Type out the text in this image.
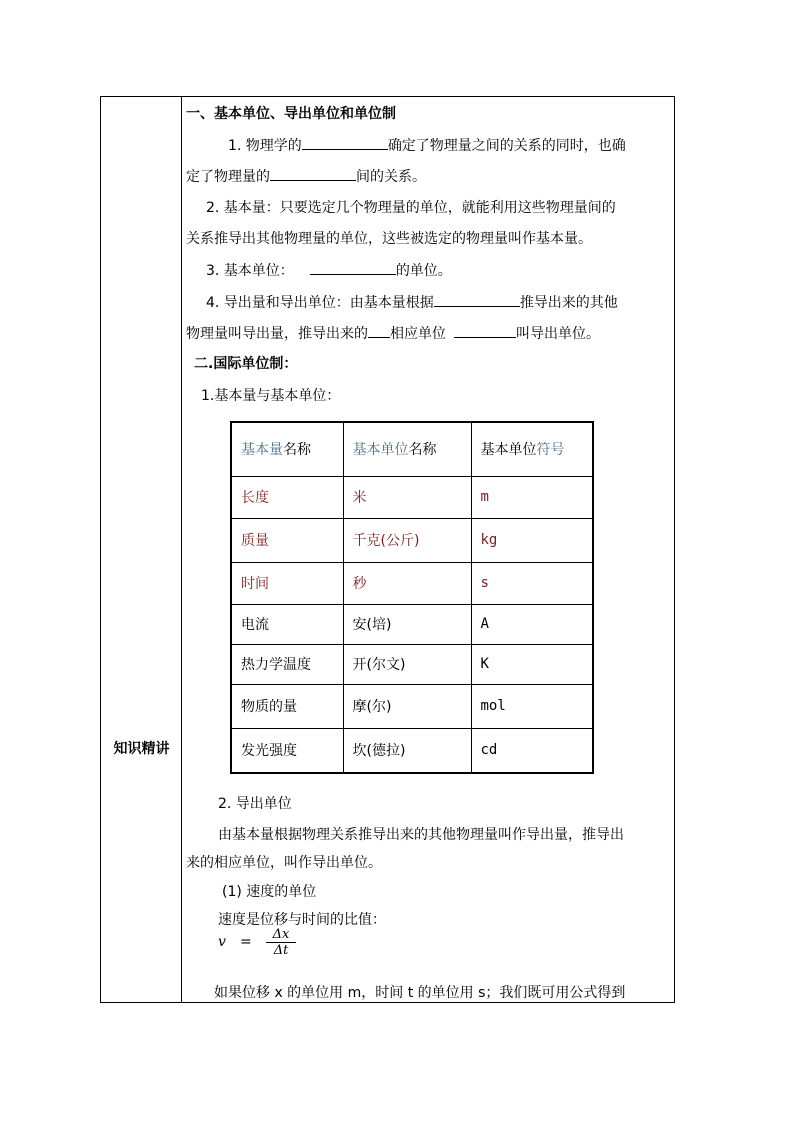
知识精讲
一、基本单位、导出单位和单位制
1. 物理学的	确定了物理量之间的关系的同时，也确
定了物理量的	间的关系。
2. 基本量：只要选定几个物理量的单位，就能利用这些物理量间的
关系推导出其他物理量的单位，这些被选定的物理量叫作基本量。
3. 基本单位：	的单位。
4. 导出量和导出单位：由基本量根据	推导出来的其他
物理量叫导出量，推导出来的 相应单位	叫导出单位。
二.国际单位制：
1.基本量与基本单位：
基本量名称	基本单位名称	基本单位符号
长度	米	m
质量	千克(公斤)	kg
时间	秒	s
电流	安(培)	A
热力学温度	开(尔文)	K
物质的量	摩(尔)	mol
发光强度	坎(德拉)	cd
2. 导出单位
由基本量根据物理关系推导出来的其他物理量叫作导出量，推导出
来的相应单位，叫作导出单位。
(1) 速度的单位
速度是位移与时间的比值：
$v = \frac{\Delta x}{\Delta t}$
如果位移 x 的单位用 m，时间 t 的单位用 s；我们既可用公式得到
